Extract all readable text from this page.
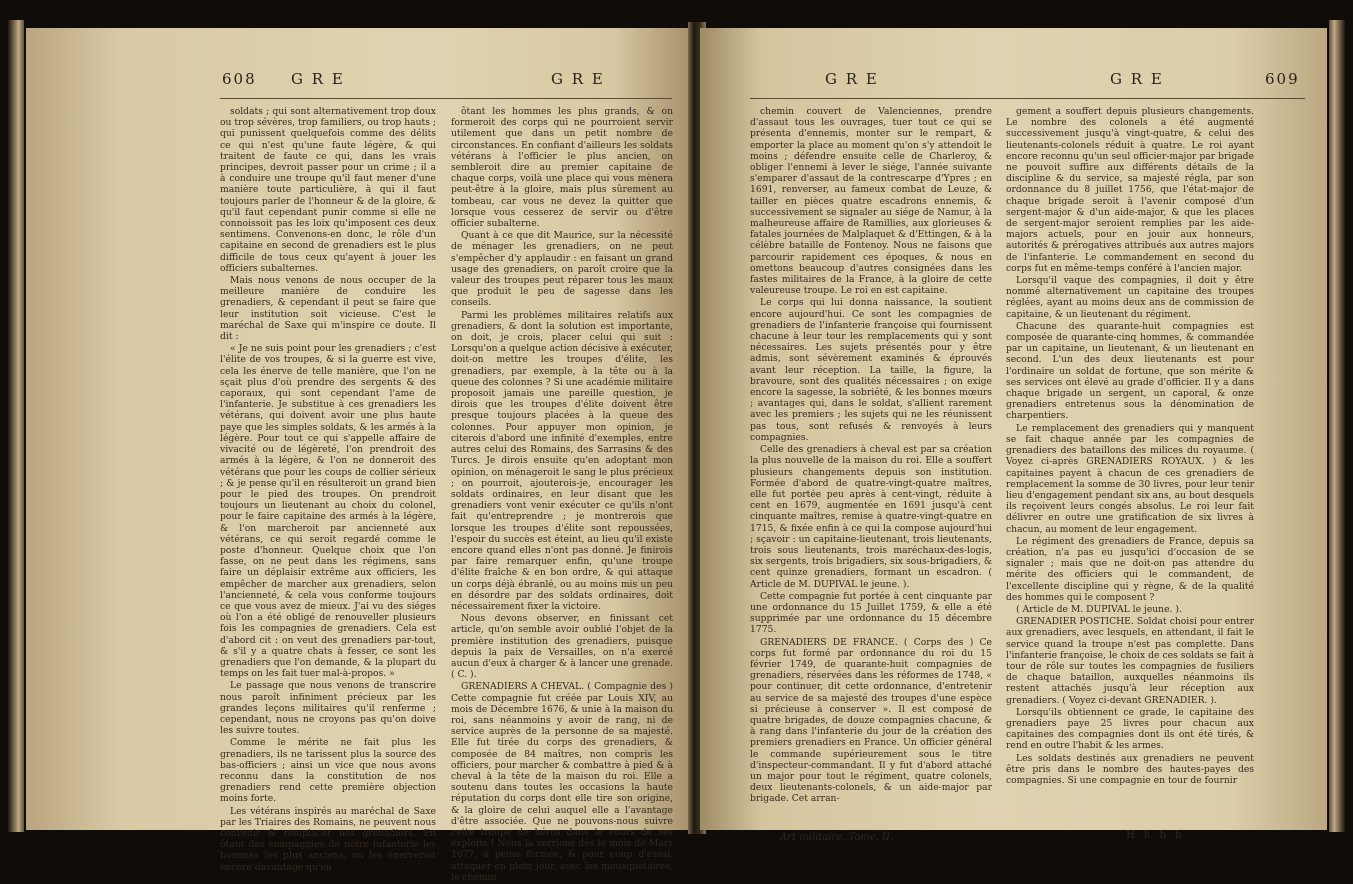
608 G R E	G R E

soldats ; qui sont alternativement trop doux ou trop sévères, trop familiers, ou trop hauts ; qui punissent quelquefois comme des délits ce qui n'est qu'une faute légère, & qui traitent de faute ce qui, dans les vrais principes, devroit passer pour un crime ; il a à conduire une troupe qu'il faut mener d'une manière toute particulière, à qui il faut toujours parler de l'honneur & de la gloire, & qu'il faut cependant punir comme si elle ne connoissoit pas les loix qu'imposent ces deux sentimens. Convenons-en donc, le rôle d'un capitaine en second de grenadiers est le plus difficile de tous ceux qu'ayent à jouer les officiers subalternes.

Mais nous venons de nous occuper de la meilleure manière de conduire les grenadiers, & cependant il peut se faire que leur institution soit vicieuse. C'est le maréchal de Saxe qui m'inspire ce doute. Il dit :

« Je ne suis point pour les grenadiers ; c'est l'élite de vos troupes, & si la guerre est vive, cela les énerve de telle manière, que l'on ne sçait plus d'où prendre des sergents & des caporaux, qui sont cependant l'ame de l'infanterie. Je substitue à ces grenadiers les vétérans, qui doivent avoir une plus haute paye que les simples soldats, & les armés à la légère. Pour tout ce qui s'appelle affaire de vivacité ou de légèreté, l'on prendroit des armés à la légère, & l'on ne donneroit des vétérans que pour les coups de collier sérieux ; & je pense qu'il en résulteroit un grand bien pour le pied des troupes. On prendroit toujours un lieutenant au choix du colonel, pour le faire capitaine des armés à la légère, & l'on marcheroit par ancienneté aux vétérans, ce qui seroit regardé comme le poste d'honneur. Quelque choix que l'on fasse, on ne peut dans les régimens, sans faire un déplaisir extrême aux officiers, les empêcher de marcher aux grenadiers, selon l'ancienneté, & cela vous conforme toujours ce que vous avez de mieux. J'ai vu des siéges où l'on a été obligé de renouveller plusieurs fois les compagnies de grenadiers. Cela est d'abord cit : on veut des grenadiers par-tout, & s'il y a quatre chats à fesser, ce sont les grenadiers que l'on demande, & la plupart du temps on les fait tuer mal-à-propos. »

Le passage que nous venons de transcrire nous paroît infiniment précieux par les grandes leçons militaires qu'il renferme ; cependant, nous ne croyons pas qu'on doive les suivre toutes.

Comme le mérite ne fait plus les grenadiers, ils ne tarissent plus la source des bas-officiers ; ainsi un vice que nous avons reconnu dans la constitution de nos grenadiers rend cette première objection moins forte.

Les vétérans inspirés au maréchal de Saxe par les Triaires des Romains, ne peuvent nous convenir & remplacer nos grenadiers. En ôtant des compagnies de notre infanterie les hommes les plus anciens, on les énerveroit encore davantage qu'en

ôtant les hommes les plus grands, & on formeroit des corps qui ne pourroient servir utilement que dans un petit nombre de circonstances. En confiant d'ailleurs les soldats vétérans à l'officier le plus ancien, on sembleroit dire au premier capitaine de chaque corps, voilà une place qui vous mènera peut-être à la gloire, mais plus sûrement au tombeau, car vous ne devez la quitter que lorsque vous cesserez de servir ou d'être officier subalterne.

Quant à ce que dit Maurice, sur la nécessité de ménager les grenadiers, on ne peut s'empêcher d'y applaudir : en faisant un grand usage des grenadiers, on paroît croire que la valeur des troupes peut réparer tous les maux que produit le peu de sagesse dans les conseils.

Parmi les problèmes militaires relatifs aux grenadiers, & dont la solution est importante, on doit, je crois, placer celui qui suit : Lorsqu'on a quelque action décisive à exécuter, doit-on mettre les troupes d'élite, les grenadiers, par exemple, à la tête ou à la queue des colonnes ? Si une académie militaire proposoit jamais une pareille question, je dirois que les troupes d'élite doivent être presque toujours placées à la queue des colonnes. Pour appuyer mon opinion, je citerois d'abord une infinité d'exemples, entre autres celui des Romains, des Sarrasins & des Turcs. Je dirois ensuite qu'en adoptant mon opinion, on ménageroit le sang le plus précieux ; on pourroit, ajouterois-je, encourager les soldats ordinaires, en leur disant que les grenadiers vont venir exécuter ce qu'ils n'ont fait qu'entreprendre ; je montrerois que lorsque les troupes d'élite sont repoussées, l'espoir du succès est éteint, au lieu qu'il existe encore quand elles n'ont pas donné. Je finirois par faire remarquer enfin, qu'une troupe d'élite fraîche & en bon ordre, & qui attaque un corps déjà ébranlé, ou au moins mis un peu en désordre par des soldats ordinaires, doit nécessairement fixer la victoire.

Nous devons observer, en finissant cet article, qu'on semble avoir oublié l'objet de la première institution des grenadiers, puisque depuis la paix de Versailles, on n'a exercé aucun d'eux à charger & à lancer une grenade. ( C. ).

GRENADIERS A CHEVAL. ( Compagnie des ) Cette compagnie fut créée par Louis XIV, au mois de Décembre 1676, & unie à la maison du roi, sans néanmoins y avoir de rang, ni de service auprès de la personne de sa majesté. Elle fut tirée du corps des grenadiers, & composée de 84 maîtres, non compris les officiers, pour marcher & combattre à pied & à cheval à la tête de la maison du roi. Elle a soutenu dans toutes les occasions la haute réputation du corps dont elle tire son origine, & la gloire de celui auquel elle a l'avantage d'être associée. Que ne pouvons-nous suivre cette troupe de héros dans le cours de ses exploits ! Nous la verrions dès le mois de Mars 1677, à peine formée, & pour coup d'essai, attaquer en plein jour, avec les mousquetaires, le chemin

G R E	G R E	609

chemin couvert de Valenciennes, prendre d'assaut tous les ouvrages, tuer tout ce qui se présenta d'ennemis, monter sur le rempart, & emporter la place au moment qu'on s'y attendoit le moins ; défendre ensuite celle de Charleroy, & obliger l'ennemi à lever le siége, l'année suivante s'emparer d'assaut de la contrescarpe d'Ypres ; en 1691, renverser, au fameux combat de Leuze, & tailler en pièces quatre escadrons ennemis, & successivement se signaler au siége de Namur, à la malheureuse affaire de Ramillies, aux glorieuses & fatales journées de Malplaquet & d'Ettingen, & à la célèbre bataille de Fontenoy. Nous ne faisons que parcourir rapidement ces époques, & nous en omettons beaucoup d'autres consignées dans les fastes militaires de la France, à la gloire de cette valeureuse troupe. Le roi en est capitaine.

Le corps qui lui donna naissance, la soutient encore aujourd'hui. Ce sont les compagnies de grenadiers de l'infanterie françoise qui fournissent chacune à leur tour les remplacements qui y sont nécessaires. Les sujets présentés pour y être admis, sont sévèrement examinés & éprouvés avant leur réception. La taille, la figure, la bravoure, sont des qualités nécessaires ; on exige encore la sagesse, la sobriété, & les bonnes mœurs ; avantages qui, dans le soldat, s'allient rarement avec les premiers ; les sujets qui ne les réunissent pas tous, sont refusés & renvoyés à leurs compagnies.

Celle des grenadiers à cheval est par sa création la plus nouvelle de la maison du roi. Elle a souffert plusieurs changements depuis son institution. Formée d'abord de quatre-vingt-quatre maîtres, elle fut portée peu après à cent-vingt, réduite à cent en 1679, augmentée en 1691 jusqu'à cent cinquante maîtres, remise à quatre-vingt-quatre en 1715, & fixée enfin à ce qui la compose aujourd'hui ; sçavoir : un capitaine-lieutenant, trois lieutenants, trois sous lieutenants, trois maréchaux-des-logis, six sergents, trois brigadiers, six sous-brigadiers, & cent quinze grenadiers, formant un escadron. ( Article de M. DUPIVAL le jeune. ).

Cette compagnie fut portée à cent cinquante par une ordonnance du 15 Juillet 1759, & elle a été supprimée par une ordonnance du 15 décembre 1775.

GRENADIERS DE FRANCE. ( Corps des ) Ce corps fut formé par ordonnance du roi du 15 février 1749, de quarante-huit compagnies de grenadiers, réservées dans les réformes de 1748, « pour continuer, dit cette ordonnance, d'entretenir au service de sa majesté des troupes d'une espèce si précieuse à conserver ». Il est composé de quatre brigades, de douze compagnies chacune, & à rang dans l'infanterie du jour de la création des premiers grenadiers en France. Un officier général le commande supérieurement sous le titre d'inspecteur-commandant. Il y fut d'abord attaché un major pour tout le régiment, quatre colonels, deux lieutenants-colonels, & un aide-major par brigade. Cet arran-

gement a souffert depuis plusieurs changements. Le nombre des colonels a été augmenté successivement jusqu'à vingt-quatre, & celui des lieutenants-colonels réduit à quatre. Le roi ayant encore reconnu qu'un seul officier-major par brigade ne pouvoit suffire aux différents détails de la discipline & du service, sa majesté régla, par son ordonnance du 8 juillet 1756, que l'état-major de chaque brigade seroit à l'avenir composé d'un sergent-major & d'un aide-major, & que les places de sergent-major seroient remplies par les aide-majors actuels, pour en jouir aux honneurs, autorités & prérogatives attribués aux autres majors de l'infanterie. Le commandement en second du corps fut en même-temps conféré à l'ancien major.

Lorsqu'il vaque des compagnies, il doit y être nommé alternativement un capitaine des troupes réglées, ayant au moins deux ans de commission de capitaine, & un lieutenant du régiment.

Chacune des quarante-huit compagnies est composée de quarante-cinq hommes, & commandée par un capitaine, un lieutenant, & un lieutenant en second. L'un des deux lieutenants est pour l'ordinaire un soldat de fortune, que son mérite & ses services ont élevé au grade d'officier. Il y a dans chaque brigade un sergent, un caporal, & onze grenadiers entretenus sous la dénomination de charpentiers.

Le remplacement des grenadiers qui y manquent se fait chaque année par les compagnies de grenadiers des bataillons des milices du royaume. ( Voyez ci-après GRENADIERS ROYAUX. ) & les capitaines payent à chacun de ces grenadiers de remplacement la somme de 30 livres, pour leur tenir lieu d'engagement pendant six ans, au bout desquels ils reçoivent leurs congés absolus. Le roi leur fait délivrer en outre une gratification de six livres à chacun, au moment de leur engagement.

Le régiment des grenadiers de France, depuis sa création, n'a pas eu jusqu'ici d'occasion de se signaler ; mais que ne doit-on pas attendre du mérite des officiers qui le commandent, de l'excellente discipline qui y règne, & de la qualité des hommes qui le composent ?

( Article de M. DUPIVAL le jeune. ).

GRENADIER POSTICHE. Soldat choisi pour entrer aux grenadiers, avec lesquels, en attendant, il fait le service quand la troupe n'est pas complette. Dans l'infanterie françoise, le choix de ces soldats se fait à tour de rôle sur toutes les compagnies de fusiliers de chaque bataillon, auxquelles néanmoins ils restent attachés jusqu'à leur réception aux grenadiers. ( Voyez ci-devant GRENADIER. ).

Lorsqu'ils obtiennent ce grade, le capitaine des grenadiers paye 25 livres pour chacun aux capitaines des compagnies dont ils ont été tirés, & rend en outre l'habit & les armes.

Les soldats destinés aux grenadiers ne peuvent être pris dans le nombre des hautes-payes des compagnies. Si une compagnie en tour de fournir

Art militaire. Tome. II.	H h h h
